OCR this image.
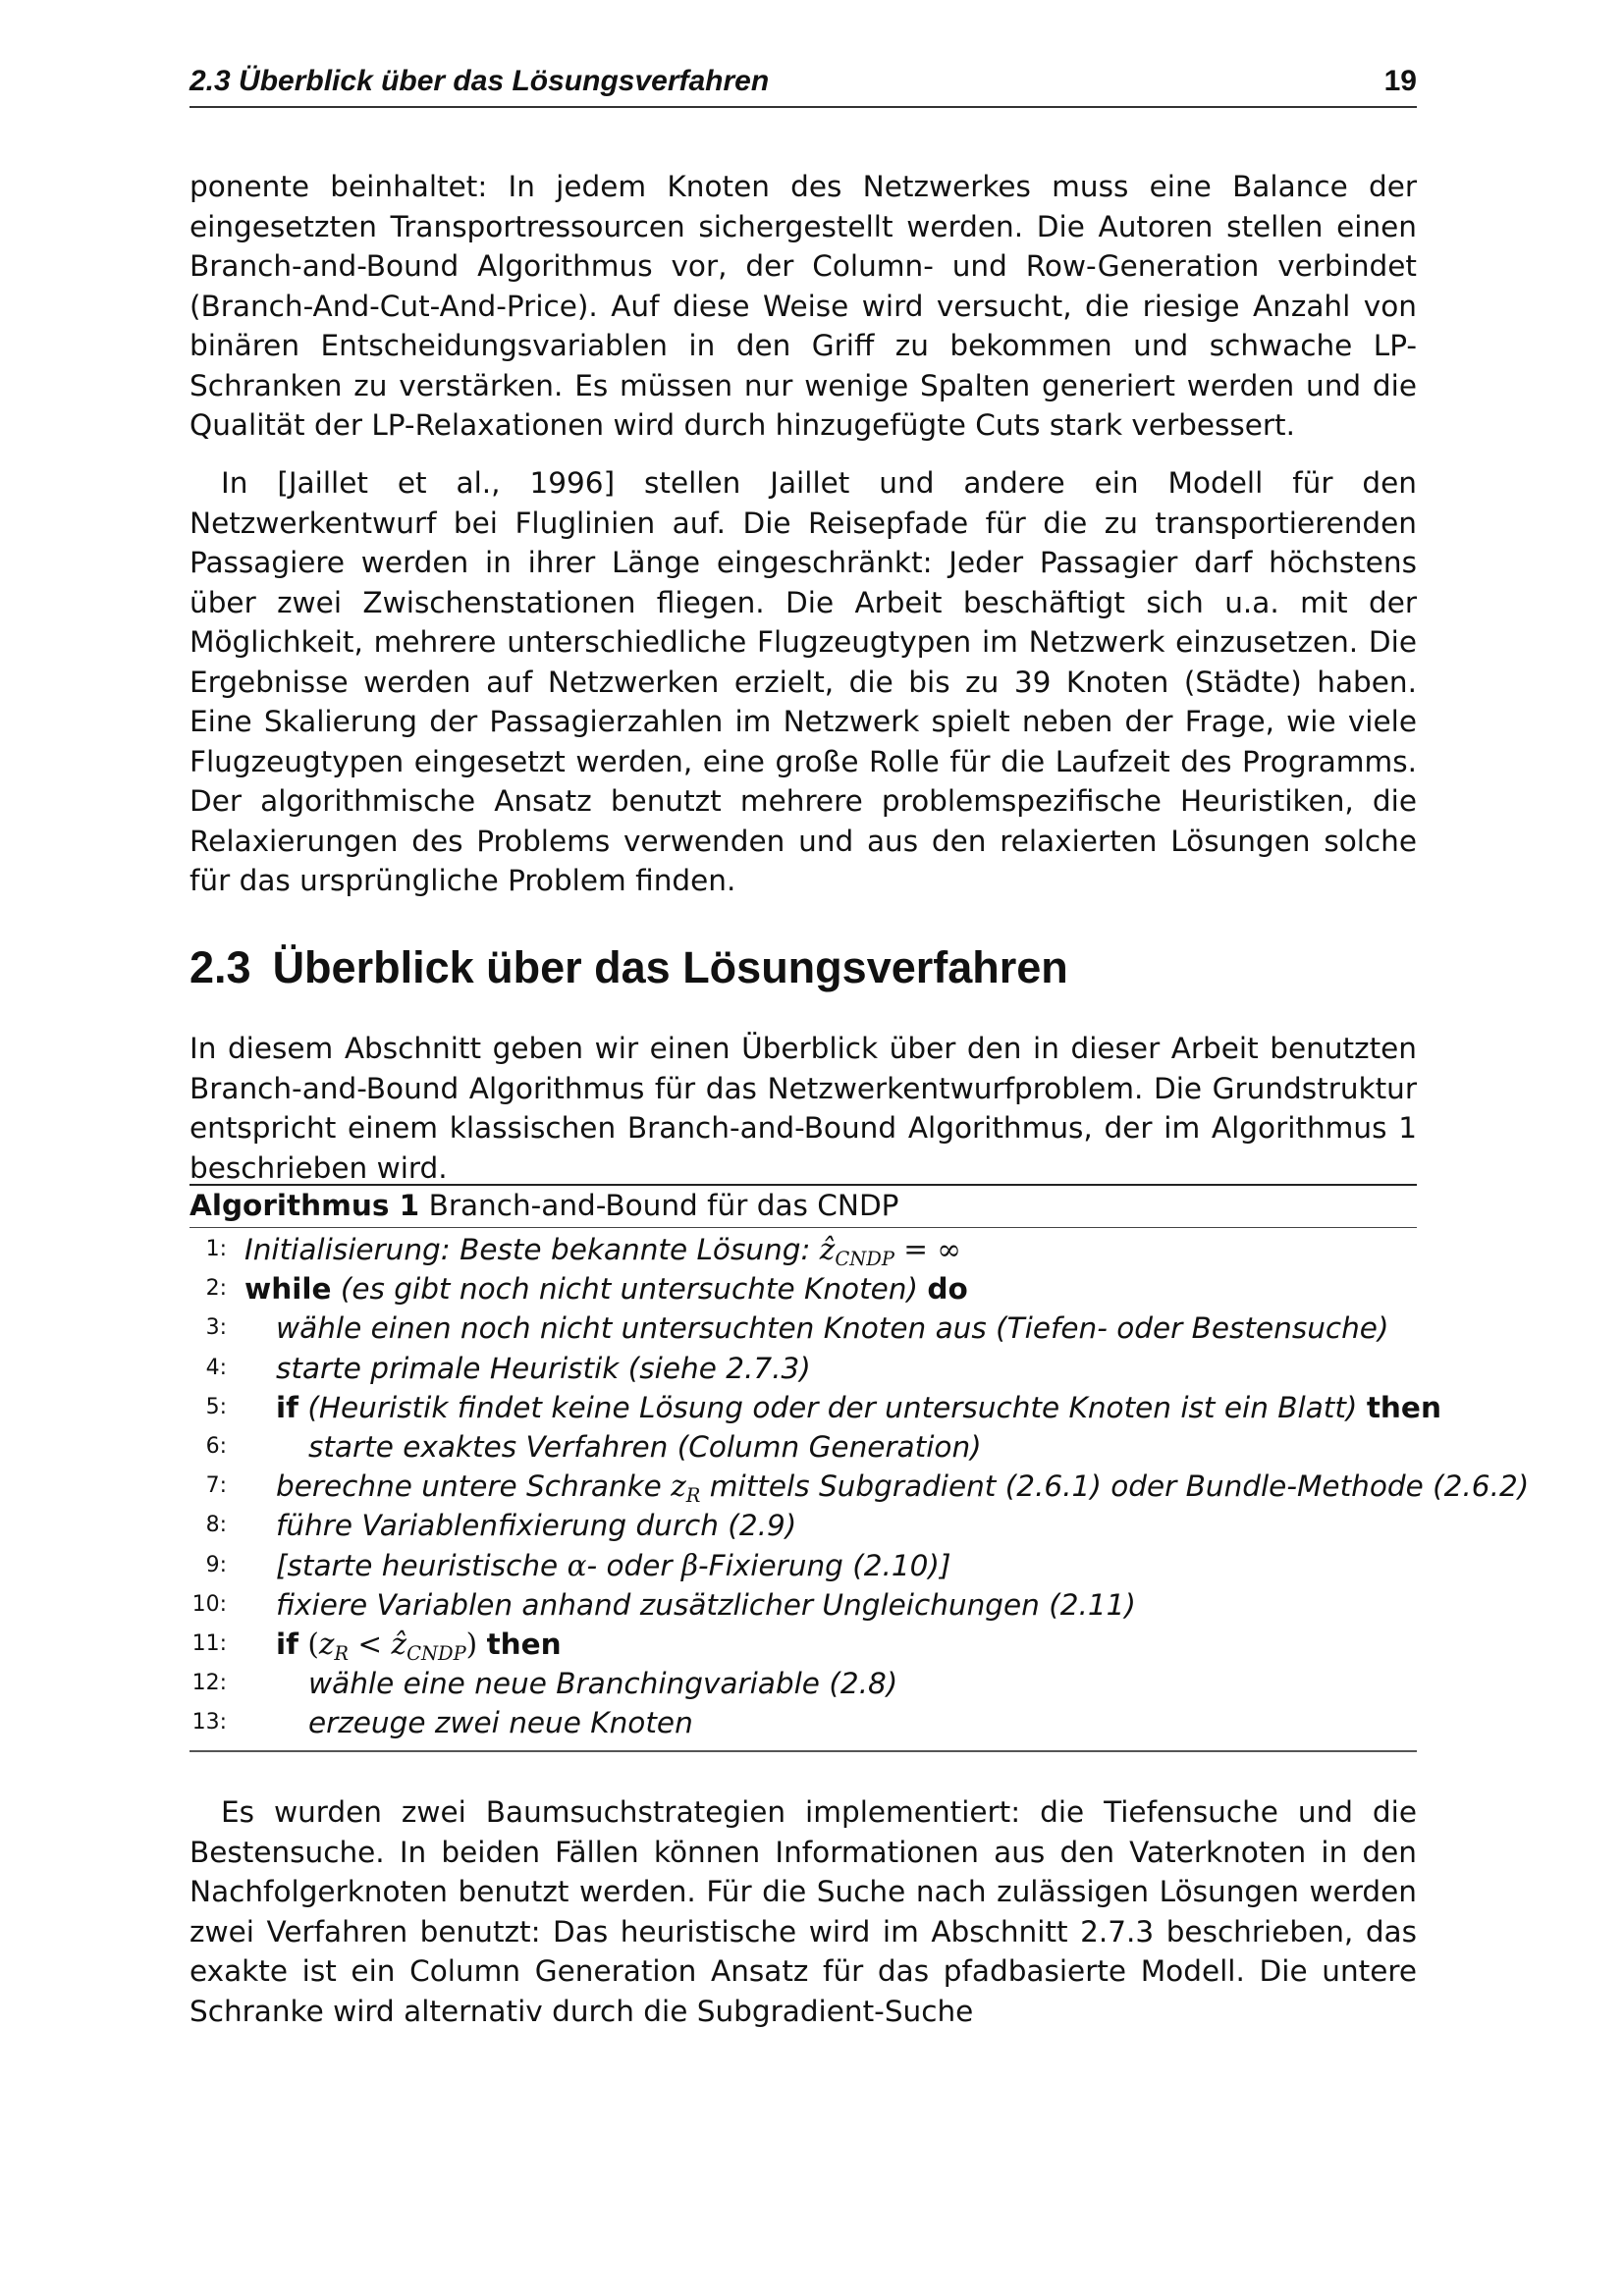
2.3 Überblick über das Lösungsverfahren	19
ponente beinhaltet: In jedem Knoten des Netzwerkes muss eine Balance der eingesetzten Transportressourcen sichergestellt werden. Die Autoren stellen einen Branch-and-Bound Algorithmus vor, der Column- und Row-Generation verbindet (Branch-And-Cut-And-Price). Auf diese Weise wird versucht, die riesige Anzahl von binären Entscheidungsvariablen in den Griff zu bekommen und schwache LP-Schranken zu verstärken. Es müssen nur wenige Spalten generiert werden und die Qualität der LP-Relaxationen wird durch hinzugefügte Cuts stark verbessert.
In [Jaillet et al., 1996] stellen Jaillet und andere ein Modell für den Netzwerkentwurf bei Fluglinien auf. Die Reisepfade für die zu transportierenden Passagiere werden in ihrer Länge eingeschränkt: Jeder Passagier darf höchstens über zwei Zwischenstationen fliegen. Die Arbeit beschäftigt sich u.a. mit der Möglichkeit, mehrere unterschiedliche Flugzeugtypen im Netzwerk einzusetzen. Die Ergebnisse werden auf Netzwerken erzielt, die bis zu 39 Knoten (Städte) haben. Eine Skalierung der Passagierzahlen im Netzwerk spielt neben der Frage, wie viele Flugzeugtypen eingesetzt werden, eine große Rolle für die Laufzeit des Programms. Der algorithmische Ansatz benutzt mehrere problemspezifische Heuristiken, die Relaxierungen des Problems verwenden und aus den relaxierten Lösungen solche für das ursprüngliche Problem finden.
2.3 Überblick über das Lösungsverfahren
In diesem Abschnitt geben wir einen Überblick über den in dieser Arbeit benutzten Branch-and-Bound Algorithmus für das Netzwerkentwurfproblem. Die Grundstruktur entspricht einem klassischen Branch-and-Bound Algorithmus, der im Algorithmus 1 beschrieben wird.
Algorithmus 1 Branch-and-Bound für das CNDP
1: Initialisierung: Beste bekannte Lösung: ẑ$_{CNDP}$ = ∞
2: while (es gibt noch nicht untersuchte Knoten) do
3: wähle einen noch nicht untersuchten Knoten aus (Tiefen- oder Bestensuche)
4: starte primale Heuristik (siehe 2.7.3)
5: if (Heuristik findet keine Lösung oder der untersuchte Knoten ist ein Blatt) then
6:	starte exaktes Verfahren (Column Generation)
7: berechne untere Schranke $z_R$ mittels Subgradient (2.6.1) oder Bundle-Methode (2.6.2)
8: führe Variablenfixierung durch (2.9)
9: [starte heuristische α- oder β-Fixierung (2.10)]
10: fixiere Variablen anhand zusätzlicher Ungleichungen (2.11)
11: if ($z_R$ < ẑ$_{CNDP}$) then
12:	wähle eine neue Branchingvariable (2.8)
13:	erzeuge zwei neue Knoten
Es wurden zwei Baumsuchstrategien implementiert: die Tiefensuche und die Bestensuche. In beiden Fällen können Informationen aus den Vaterknoten in den Nachfolgerknoten benutzt werden. Für die Suche nach zulässigen Lösungen werden zwei Verfahren benutzt: Das heuristische wird im Abschnitt 2.7.3 beschrieben, das exakte ist ein Column Generation Ansatz für das pfadbasierte Modell. Die untere Schranke wird alternativ durch die Subgradient-Suche
